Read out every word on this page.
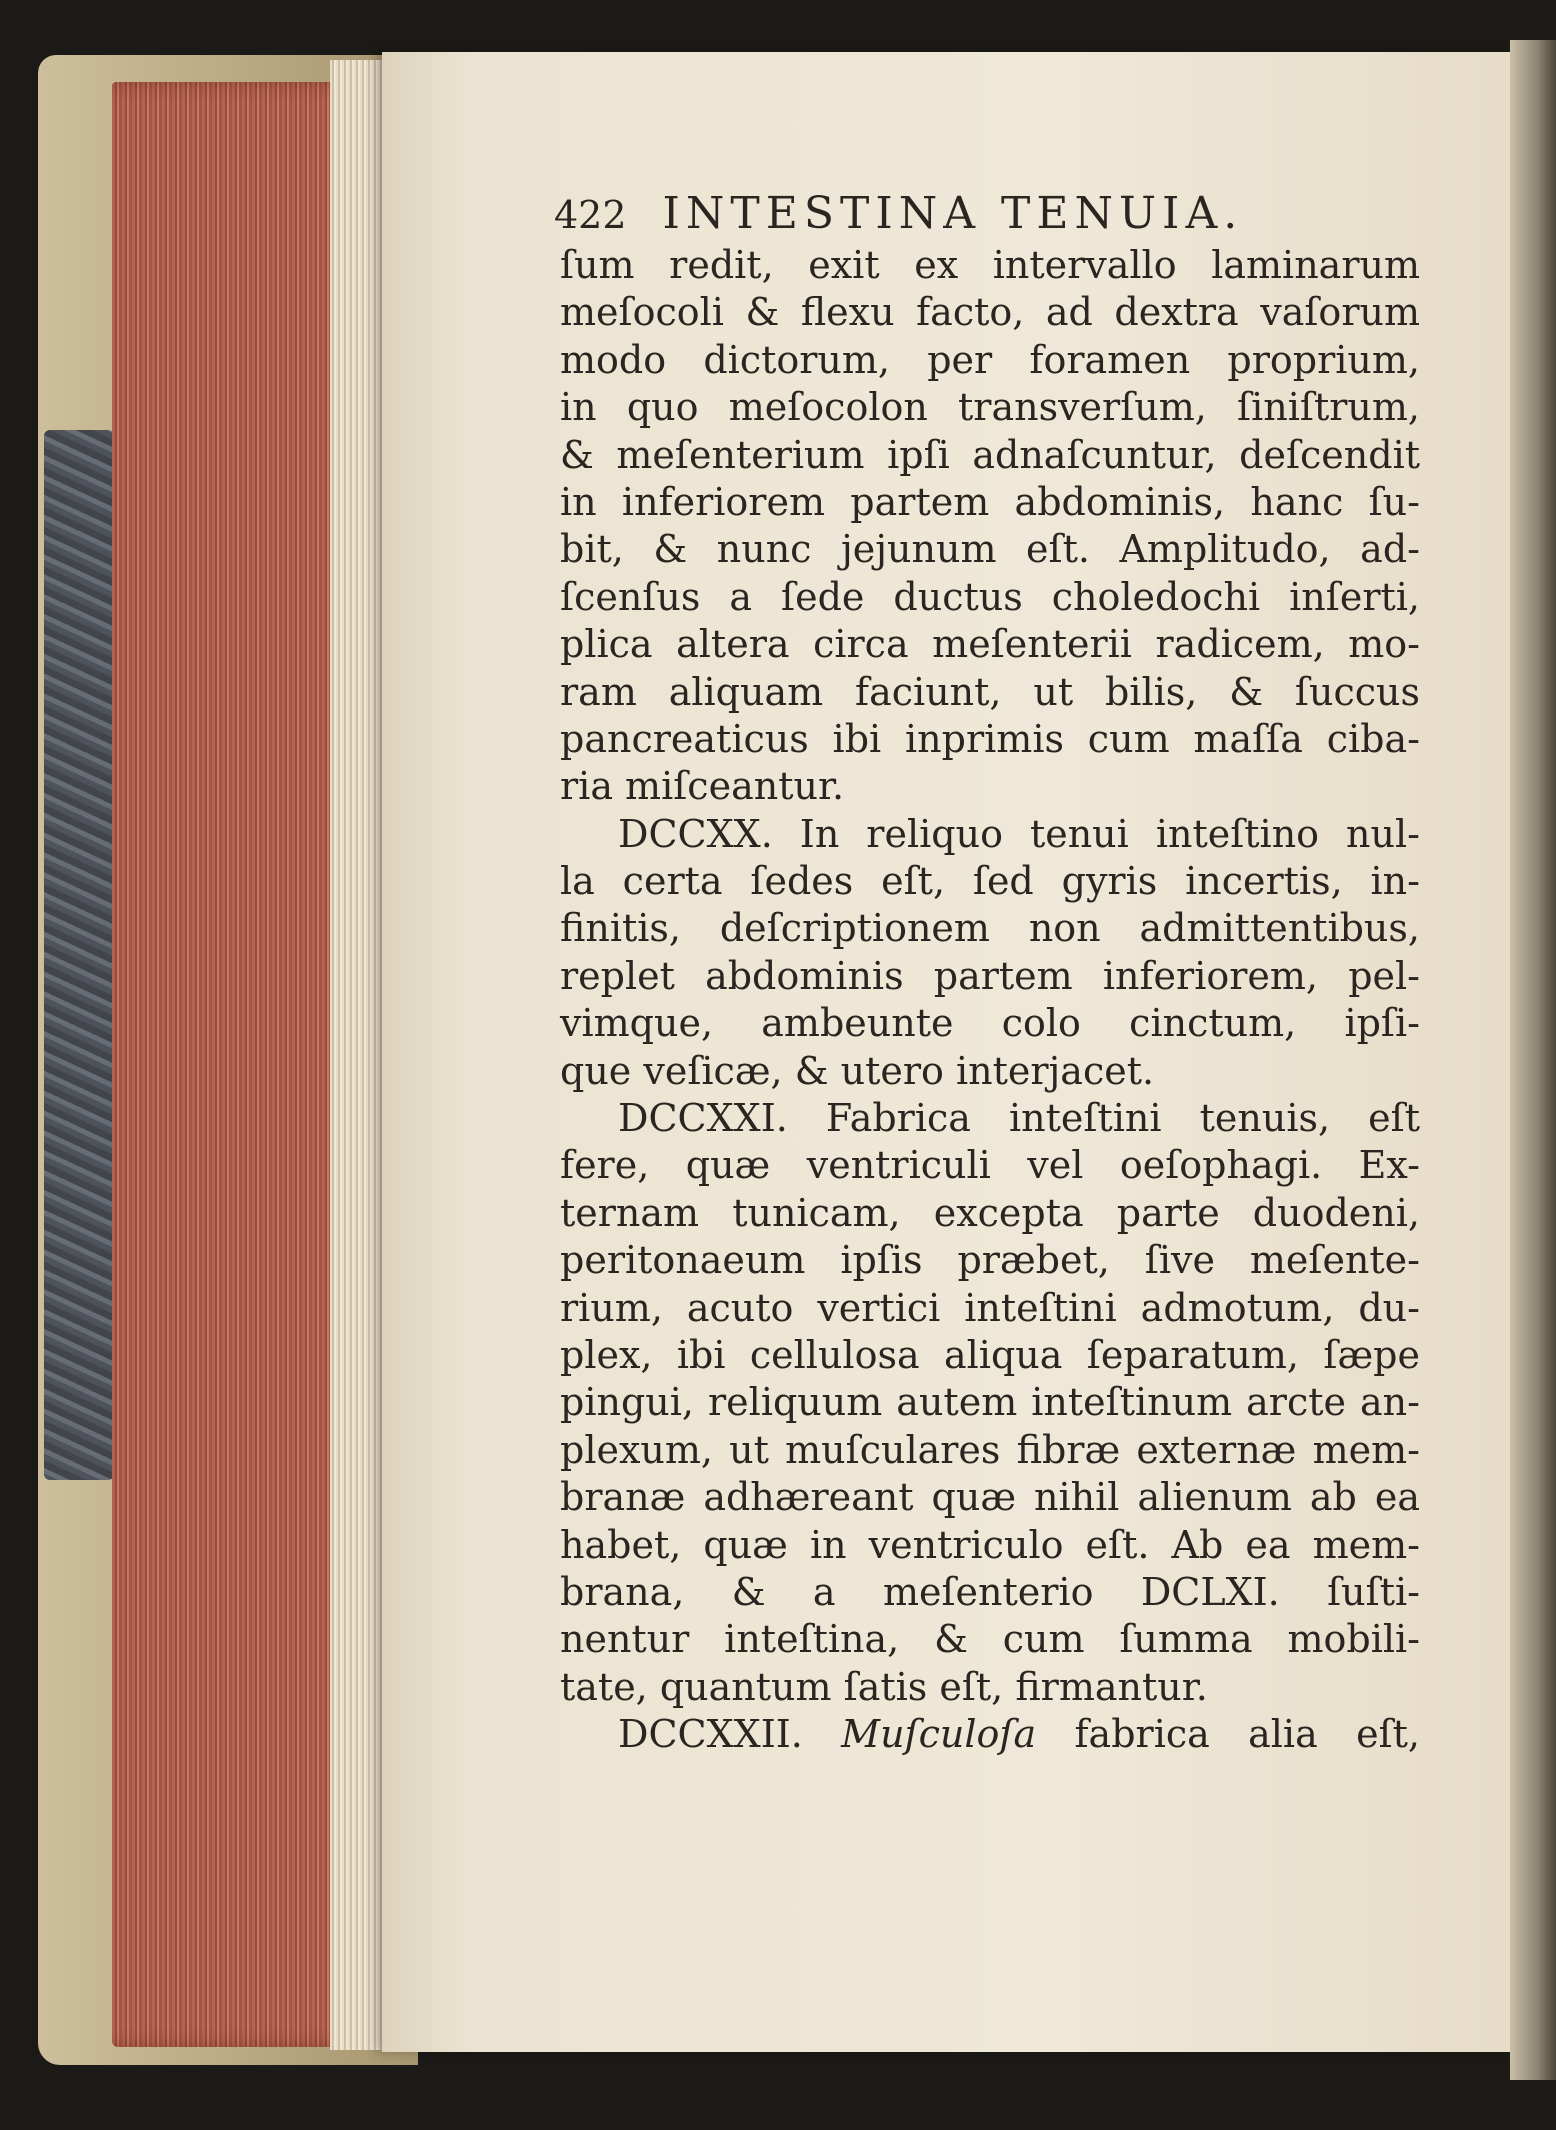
422 INTESTINA TENUIA.
ſum redit, exit ex intervallo laminarum
meſocoli & flexu facto, ad dextra vaſorum
modo dictorum, per foramen proprium,
in quo meſocolon transverſum, ſiniſtrum,
& meſenterium ipſi adnaſcuntur, deſcendit
in inferiorem partem abdominis, hanc ſu-
bit, & nunc jejunum eſt. Amplitudo, ad-
ſcenſus a ſede ductus choledochi inſerti,
plica altera circa meſenterii radicem, mo-
ram aliquam faciunt, ut bilis, & ſuccus
pancreaticus ibi inprimis cum maſſa ciba-
ria miſceantur.
DCCXX. In reliquo tenui inteſtino nul-
la certa ſedes eſt, ſed gyris incertis, in-
finitis, deſcriptionem non admittentibus,
replet abdominis partem inferiorem, pel-
vimque, ambeunte colo cinctum, ipſi-
que veſicæ, & utero interjacet.
DCCXXI. Fabrica inteſtini tenuis, eſt
fere, quæ ventriculi vel oeſophagi. Ex-
ternam tunicam, excepta parte duodeni,
peritonaeum ipſis præbet, ſive meſente-
rium, acuto vertici inteſtini admotum, du-
plex, ibi cellulosa aliqua ſeparatum, ſæpe
pingui, reliquum autem inteſtinum arcte an-
plexum, ut muſculares fibræ externæ mem-
branæ adhæreant quæ nihil alienum ab ea
habet, quæ in ventriculo eſt. Ab ea mem-
brana, & a meſenterio DCLXI. ſuſti-
nentur inteſtina, & cum ſumma mobili-
tate, quantum ſatis eſt, firmantur.
DCCXXII. Muſculoſa fabrica alia eſt,
